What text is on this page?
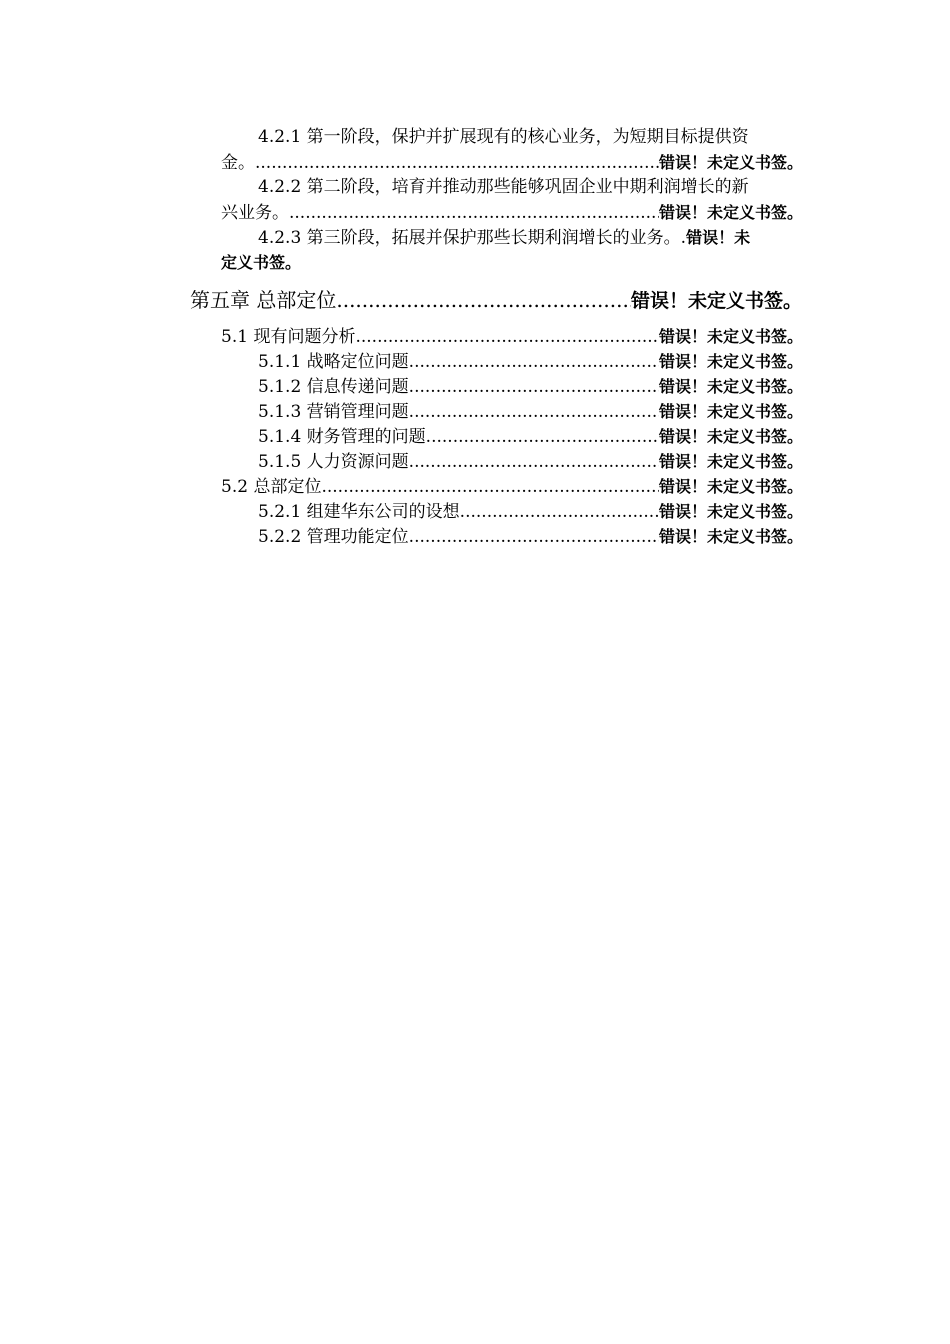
4.2.1 第一阶段，保护并扩展现有的核心业务，为短期目标提供资
金。 .....	错误！未定义书签。
4.2.2 第二阶段，培育并推动那些能够巩固企业中期利润增长的新
兴业务。 .....	错误！未定义书签。
4.2.3 第三阶段，拓展并保护那些长期利润增长的业务。.错误！未
定义书签。
第五章 总部定位 .....	错误！未定义书签。
5.1 现有问题分析 .....	错误！未定义书签。
5.1.1 战略定位问题 .....	错误！未定义书签。
5.1.2 信息传递问题 .....	错误！未定义书签。
5.1.3 营销管理问题 .....	错误！未定义书签。
5.1.4 财务管理的问题 .....	错误！未定义书签。
5.1.5 人力资源问题 .....	错误！未定义书签。
5.2 总部定位 .....	错误！未定义书签。
5.2.1 组建华东公司的设想 .....	错误！未定义书签。
5.2.2 管理功能定位 .....	错误！未定义书签。
